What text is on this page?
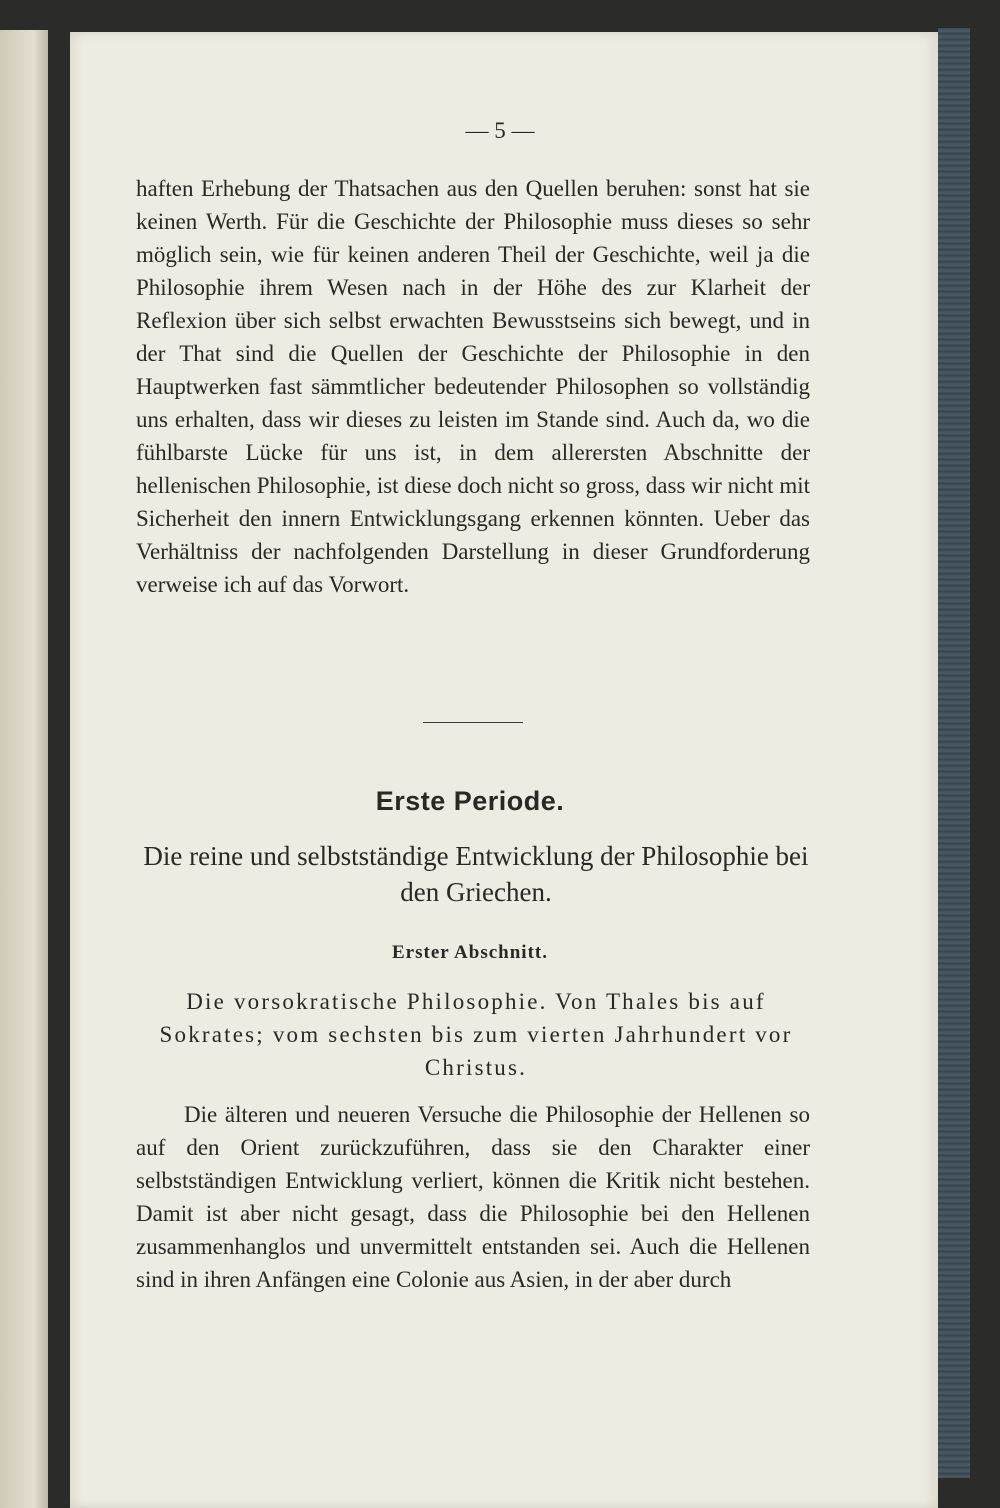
— 5 —
haften Erhebung der Thatsachen aus den Quellen beruhen: sonst hat sie keinen Werth. Für die Geschichte der Philosophie muss dieses so sehr möglich sein, wie für keinen anderen Theil der Geschichte, weil ja die Philosophie ihrem Wesen nach in der Höhe des zur Klarheit der Reflexion über sich selbst erwachten Bewusstseins sich bewegt, und in der That sind die Quellen der Geschichte der Philosophie in den Hauptwerken fast sämmtlicher bedeutender Philosophen so vollständig uns erhalten, dass wir dieses zu leisten im Stande sind. Auch da, wo die fühlbarste Lücke für uns ist, in dem allerersten Abschnitte der hellenischen Philosophie, ist diese doch nicht so gross, dass wir nicht mit Sicherheit den innern Entwicklungsgang erkennen könnten. Ueber das Verhältniss der nachfolgenden Darstellung in dieser Grundforderung verweise ich auf das Vorwort.
Erste Periode.
Die reine und selbstständige Entwicklung der Philosophie bei den Griechen.
Erster Abschnitt.
Die vorsokratische Philosophie. Von Thales bis auf Sokrates; vom sechsten bis zum vierten Jahrhundert vor Christus.
Die älteren und neueren Versuche die Philosophie der Hellenen so auf den Orient zurückzuführen, dass sie den Charakter einer selbstständigen Entwicklung verliert, können die Kritik nicht bestehen. Damit ist aber nicht gesagt, dass die Philosophie bei den Hellenen zusammenhanglos und unvermittelt entstanden sei. Auch die Hellenen sind in ihren Anfängen eine Colonie aus Asien, in der aber durch
